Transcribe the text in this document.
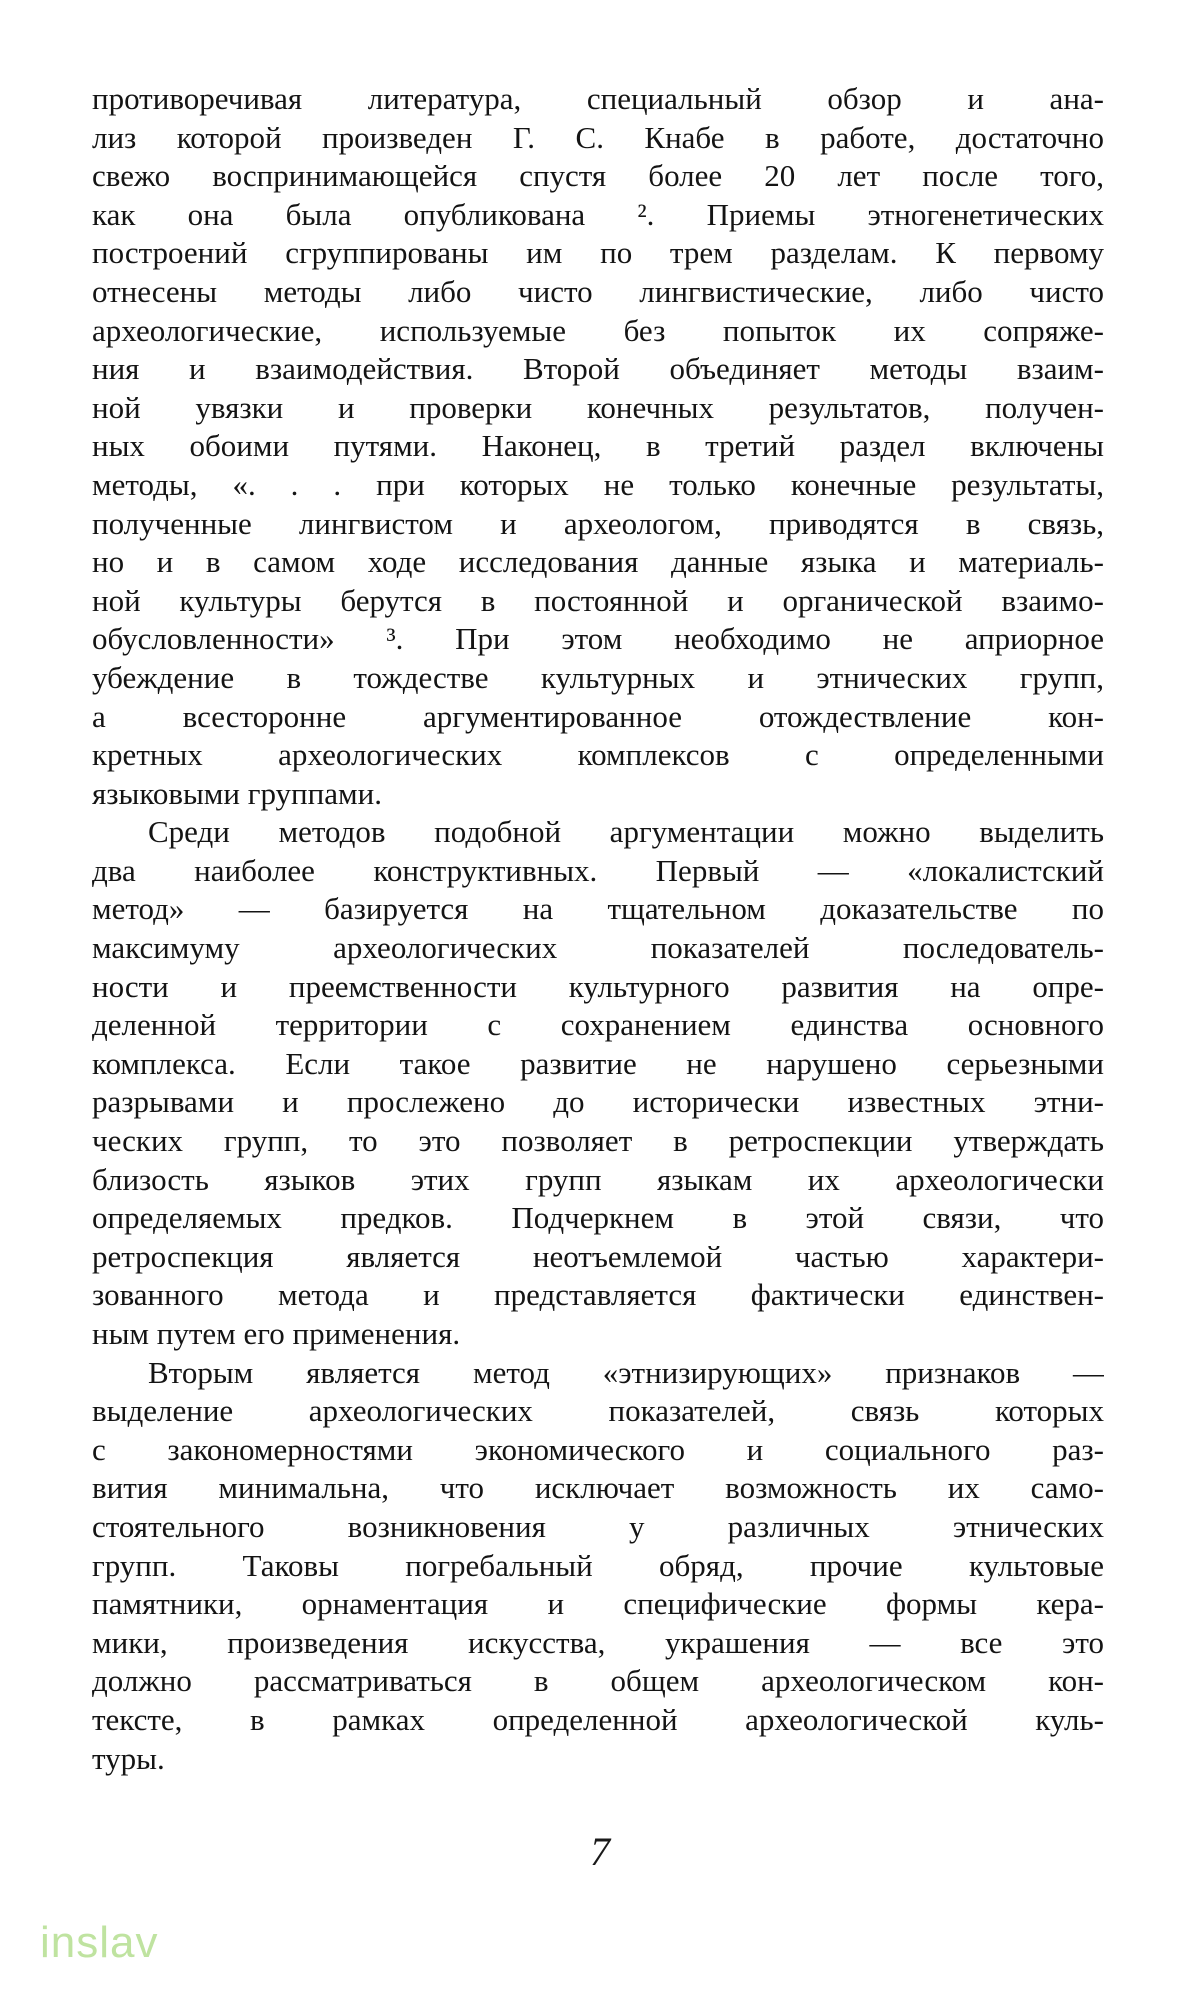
противоречивая литература, специальный обзор и ана-
лиз которой произведен Г. С. Кнабе в работе, достаточно
свежо воспринимающейся спустя более 20 лет после того,
как она была опубликована ². Приемы этногенетических
построений сгруппированы им по трем разделам. К первому
отнесены методы либо чисто лингвистические, либо чисто
археологические, используемые без попыток их сопряже-
ния и взаимодействия. Второй объединяет методы взаим-
ной увязки и проверки конечных результатов, получен-
ных обоими путями. Наконец, в третий раздел включены
методы, «. . . при которых не только конечные результаты,
полученные лингвистом и археологом, приводятся в связь,
но и в самом ходе исследования данные языка и материаль-
ной культуры берутся в постоянной и органической взаимо-
обусловленности» ³. При этом необходимо не априорное
убеждение в тождестве культурных и этнических групп,
а всесторонне аргументированное отождествление кон-
кретных археологических комплексов с определенными
языковыми группами.
Среди методов подобной аргументации можно выделить
два наиболее конструктивных. Первый — «локалистский
метод» — базируется на тщательном доказательстве по
максимуму археологических показателей последователь-
ности и преемственности культурного развития на опре-
деленной территории с сохранением единства основного
комплекса. Если такое развитие не нарушено серьезными
разрывами и прослежено до исторически известных этни-
ческих групп, то это позволяет в ретроспекции утверждать
близость языков этих групп языкам их археологически
определяемых предков. Подчеркнем в этой связи, что
ретроспекция является неотъемлемой частью характери-
зованного метода и представляется фактически единствен-
ным путем его применения.
Вторым является метод «этнизирующих» признаков —
выделение археологических показателей, связь которых
с закономерностями экономического и социального раз-
вития минимальна, что исключает возможность их само-
стоятельного возникновения у различных этнических
групп. Таковы погребальный обряд, прочие культовые
памятники, орнаментация и специфические формы кера-
мики, произведения искусства, украшения — все это
должно рассматриваться в общем археологическом кон-
тексте, в рамках определенной археологической куль-
туры.
7
inslav
